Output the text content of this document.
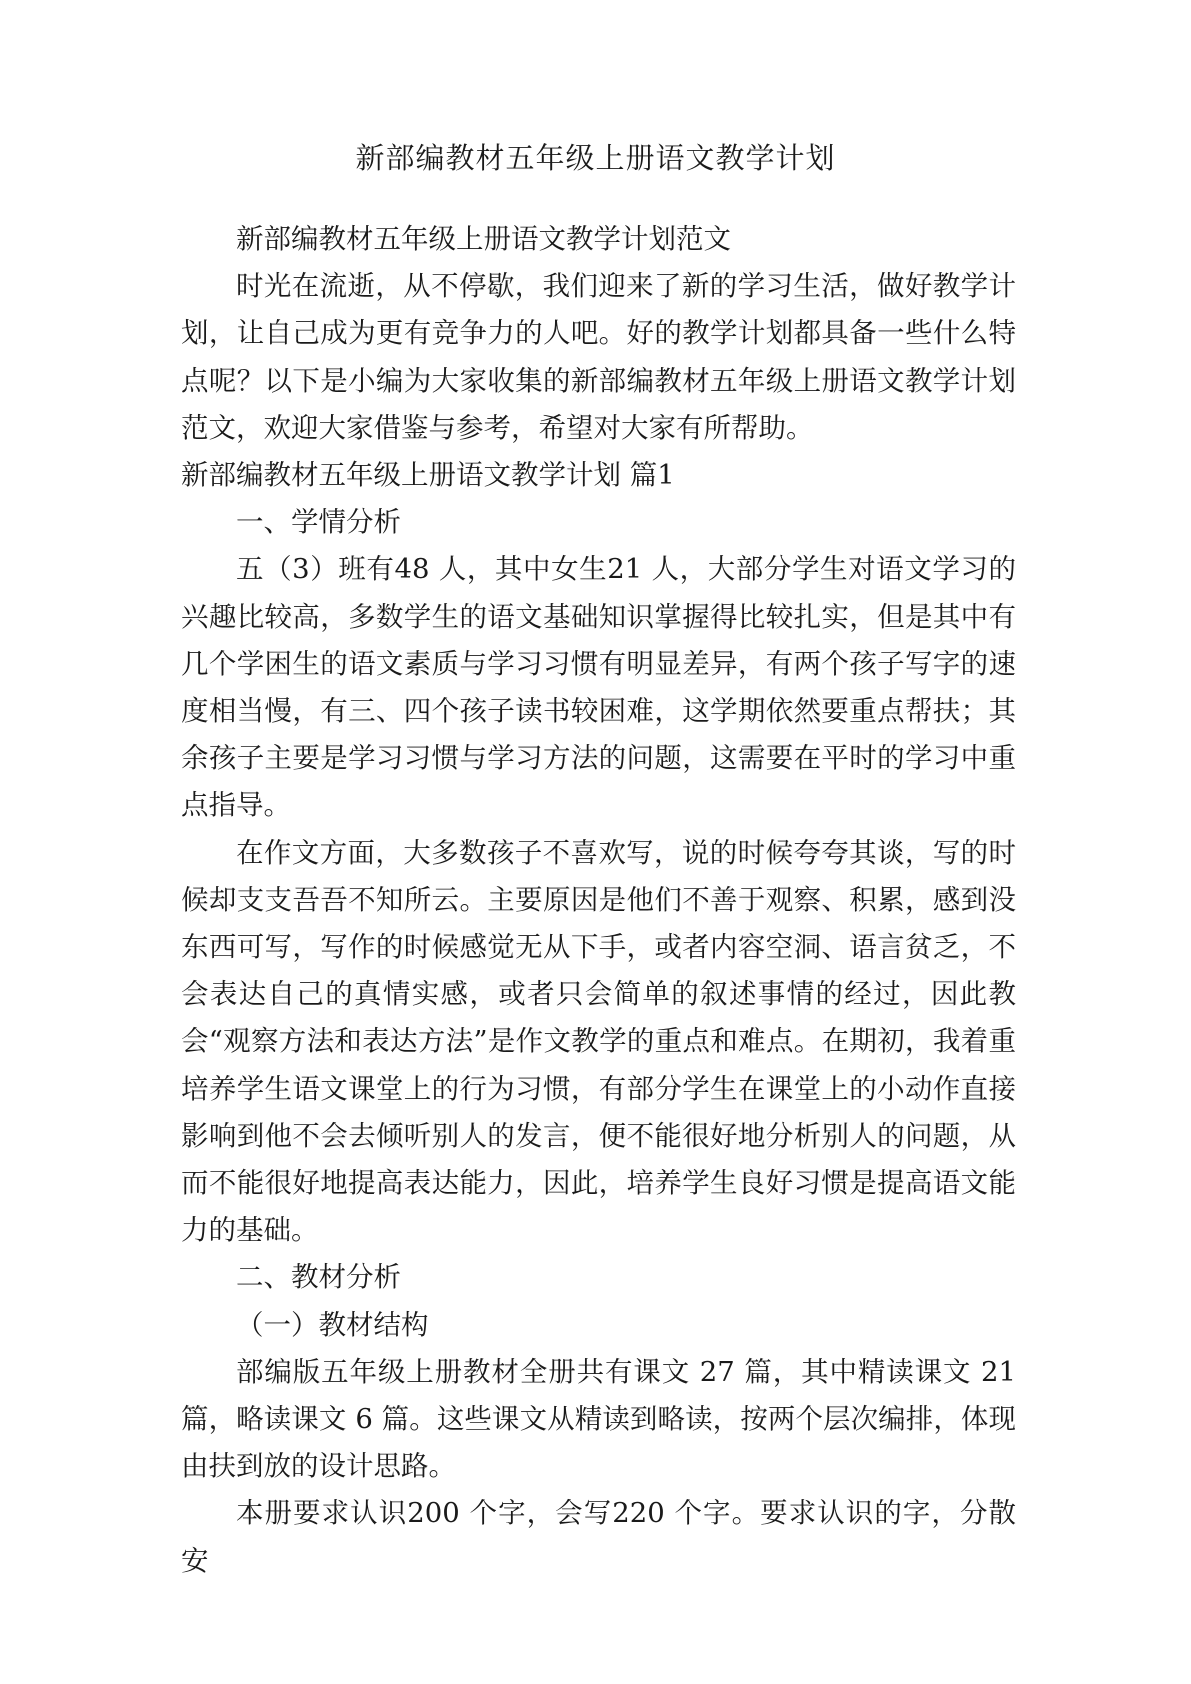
新部编教材五年级上册语文教学计划

新部编教材五年级上册语文教学计划范文

时光在流逝，从不停歇，我们迎来了新的学习生活，做好教学计划，让自己成为更有竞争力的人吧。好的教学计划都具备一些什么特点呢？以下是小编为大家收集的新部编教材五年级上册语文教学计划范文，欢迎大家借鉴与参考，希望对大家有所帮助。

新部编教材五年级上册语文教学计划 篇1

一、学情分析

五（3）班有48 人，其中女生21 人，大部分学生对语文学习的兴趣比较高，多数学生的语文基础知识掌握得比较扎实，但是其中有几个学困生的语文素质与学习习惯有明显差异，有两个孩子写字的速度相当慢，有三、四个孩子读书较困难，这学期依然要重点帮扶；其余孩子主要是学习习惯与学习方法的问题，这需要在平时的学习中重点指导。

在作文方面，大多数孩子不喜欢写，说的时候夸夸其谈，写的时候却支支吾吾不知所云。主要原因是他们不善于观察、积累，感到没东西可写，写作的时候感觉无从下手，或者内容空洞、语言贫乏，不会表达自己的真情实感，或者只会简单的叙述事情的经过，因此教会“观察方法和表达方法”是作文教学的重点和难点。在期初，我着重培养学生语文课堂上的行为习惯，有部分学生在课堂上的小动作直接影响到他不会去倾听别人的发言，便不能很好地分析别人的问题，从而不能很好地提高表达能力，因此，培养学生良好习惯是提高语文能力的基础。

二、教材分析

（一）教材结构

部编版五年级上册教材全册共有课文 27 篇，其中精读课文 21 篇，略读课文 6 篇。这些课文从精读到略读，按两个层次编排，体现由扶到放的设计思路。

本册要求认识200 个字，会写220 个字。要求认识的字，分散安
